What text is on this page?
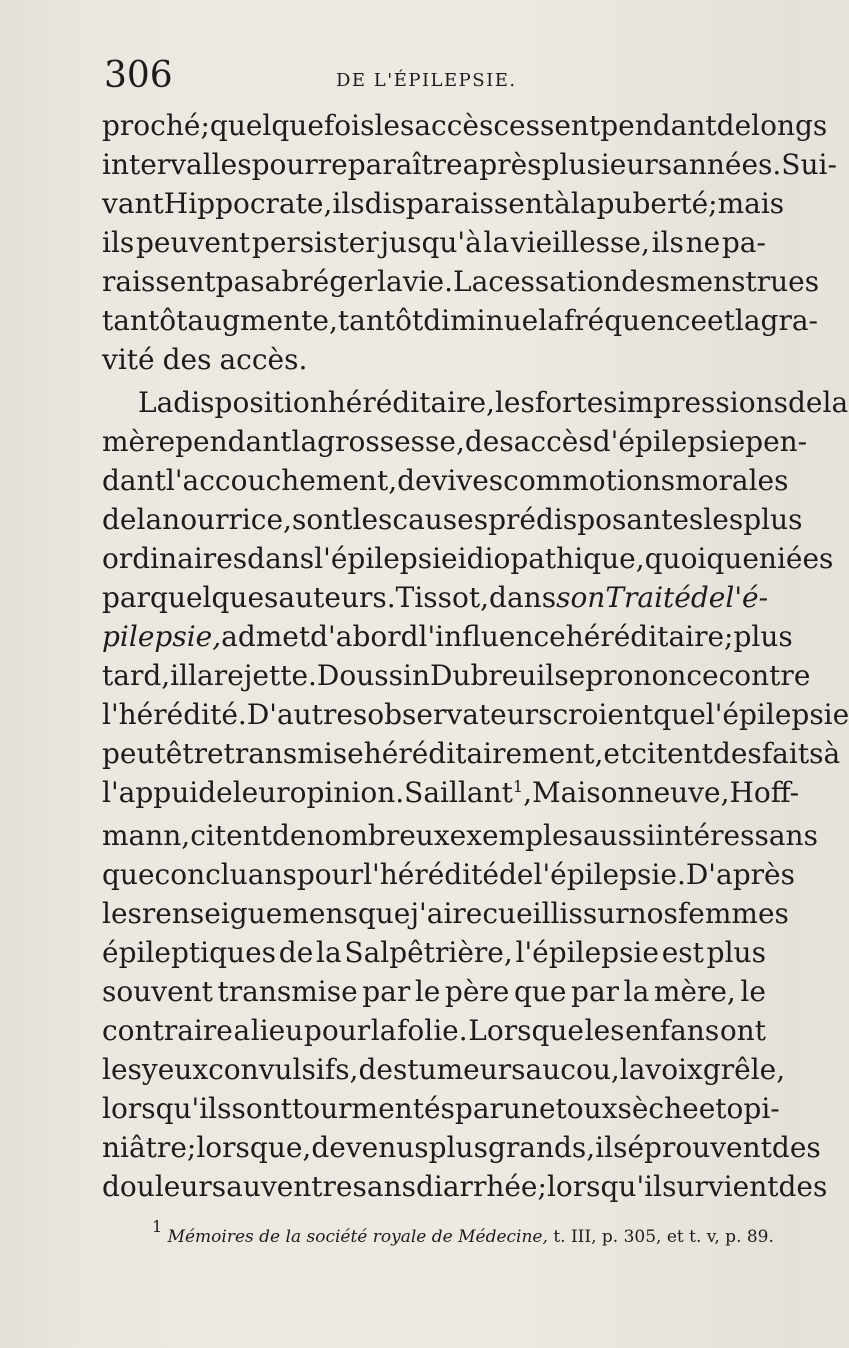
306	DE L'ÉPILEPSIE.
proché; quelquefois les accès cessent pendant de longs
intervalles pour reparaître après plusieurs années. Sui-
vant Hippocrate, ils disparaissent à la puberté; mais
ils peuvent persister jusqu'à la vieillesse, ils ne pa-
raissent pas abréger la vie. La cessation des menstrues
tantôt augmente, tantôt diminue la fréquence et la gra-
vité des accès.
La disposition héréditaire, les fortes impressions de la
mère pendant la grossesse, des accès d'épilepsie pen-
dant l'accouchement, de vives commotions morales
de la nourrice, sont les causes prédisposantes les plus
ordinaires dans l'épilepsie idiopathique, quoique niées
par quelques auteurs. Tissot, dans son Traité de l'é-
pilepsie, admet d'abord l'influence héréditaire; plus
tard, il la rejette. Doussin Dubreuil se prononce contre
l'hérédité. D'autres observateurs croient que l'épilepsie
peut être transmise héréditairement, et citent des faits à
l'appui de leur opinion. Saillant$^1$, Maisonneuve, Hoff-
mann, citent de nombreux exemples aussi intéressans
que concluans pour l'hérédité de l'épilepsie. D'après
les renseiguemens que j'ai recueillis sur nos femmes
épileptiques de la Salpêtrière, l'épilepsie est plus
souvent transmise par le père que par la mère, le
contraire a lieu pour la folie. Lorsque les enfans ont
les yeux convulsifs, des tumeurs au cou, la voix grêle,
lorsqu'ils sont tourmentés par une toux sèche et opi-
niâtre; lorsque, devenus plus grands, ils éprouvent des
douleurs au ventre sans diarrhée; lorsqu'il survient des
1 Mémoires de la société royale de Médecine, t. III, p. 305, et t. v, p. 89.
